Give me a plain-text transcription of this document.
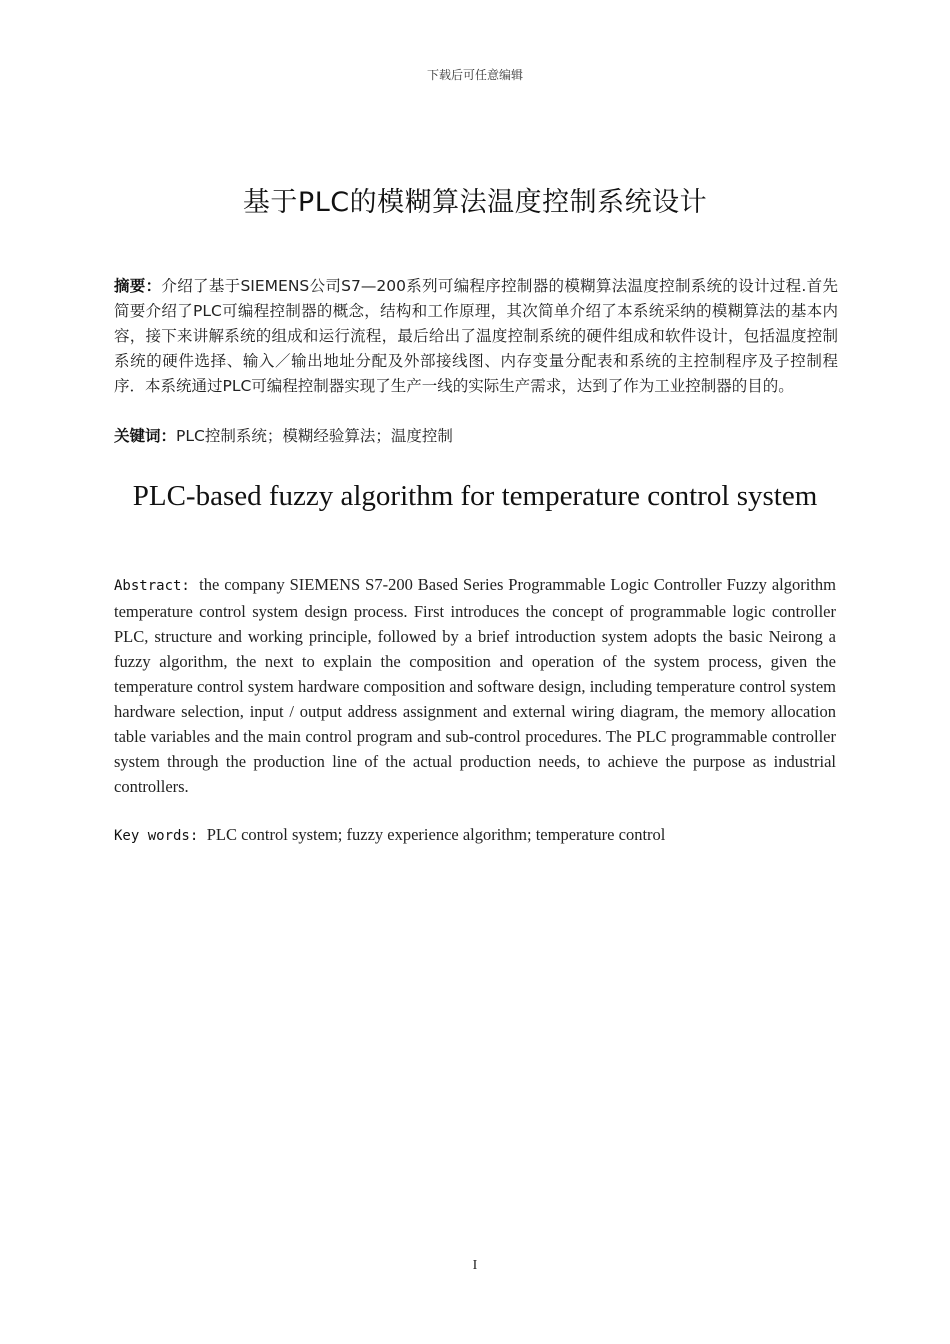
下载后可任意编辑
基于PLC的模糊算法温度控制系统设计
摘要：介绍了基于SIEMENS公司S7—200系列可编程序控制器的模糊算法温度控制系统的设计过程.首先简要介绍了PLC可编程控制器的概念，结构和工作原理，其次简单介绍了本系统采纳的模糊算法的基本内容，接下来讲解系统的组成和运行流程，最后给出了温度控制系统的硬件组成和软件设计，包括温度控制系统的硬件选择、输入／输出地址分配及外部接线图、内存变量分配表和系统的主控制程序及子控制程序．本系统通过PLC可编程控制器实现了生产一线的实际生产需求，达到了作为工业控制器的目的。
关键词：PLC控制系统；模糊经验算法；温度控制
PLC-based fuzzy algorithm for temperature control system
Abstract: the company SIEMENS S7-200 Based Series Programmable Logic Controller Fuzzy algorithm temperature control system design process. First introduces the concept of programmable logic controller PLC, structure and working principle, followed by a brief introduction system adopts the basic Neirong a fuzzy algorithm, the next to explain the composition and operation of the system process, given the temperature control system hardware composition and software design, including temperature control system hardware selection, input / output address assignment and external wiring diagram, the memory allocation table variables and the main control program and sub-control procedures. The PLC programmable controller system through the production line of the actual production needs, to achieve the purpose as industrial controllers.
Key words: PLC control system; fuzzy experience algorithm; temperature control
I
